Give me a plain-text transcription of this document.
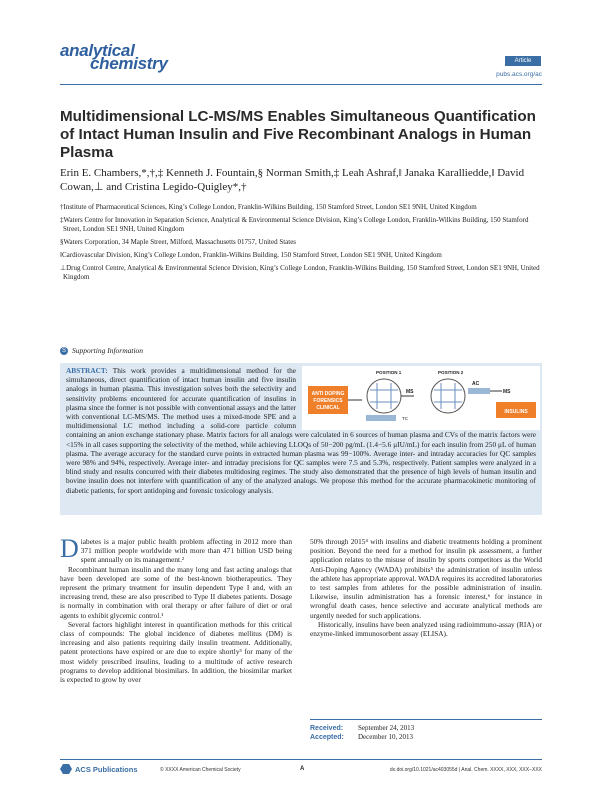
analytical
chemistry	Article
pubs.acs.org/ac
Multidimensional LC-MS/MS Enables Simultaneous Quantification of Intact Human Insulin and Five Recombinant Analogs in Human Plasma
Erin E. Chambers,*,†,‡ Kenneth J. Fountain,§ Norman Smith,‡ Leah Ashraf,‖ Janaka Karalliedde,‖ David Cowan,⊥ and Cristina Legido-Quigley*,†

†Institute of Pharmaceutical Sciences, King’s College London, Franklin-Wilkins Building, 150 Stamford Street, London SE1 9NH, United Kingdom

‡Waters Centre for Innovation in Separation Science, Analytical & Environmental Science Division, King’s College London, Franklin-Wilkins Building, 150 Stamford Street, London SE1 9NH, United Kingdom

§Waters Corporation, 34 Maple Street, Milford, Massachusetts 01757, United States

‖Cardiovascular Division, King’s College London, Franklin-Wilkins Building, 150 Stamford Street, London SE1 9NH, United Kingdom

⊥Drug Control Centre, Analytical & Environmental Science Division, King’s College London, Franklin-Wilkins Building, 150 Stamford Street, London SE1 9NH, United Kingdom

S Supporting Information
ABSTRACT: This work provides a multidimensional method for the simultaneous, direct quantification of intact human insulin and five insulin analogs in human plasma. This investigation solves both the selectivity and sensitivity problems encountered for accurate quantification of insulins in plasma since the former is not possible with conventional assays and the latter with conventional LC-MS/MS. The method uses a mixed-mode SPE and a multidimensional LC method including a solid-core particle column containing an anion exchange stationary phase. Matrix factors for all analogs were calculated in 6 sources of human plasma and CVs of the matrix factors were <15% in all cases supporting the selectivity of the method, while achieving LLOQs of 50−200 pg/mL (1.4−5.6 μIU/mL) for each insulin from 250 μL of human plasma. The average accuracy for the standard curve points in extracted human plasma was 99−100%. Average inter- and intraday accuracies for QC samples were 98% and 94%, respectively. Average inter- and intraday precisions for QC samples were 7.5 and 5.3%, respectively. Patient samples were analyzed in a blind study and results concurred with their diabetes multidosing regimes. The study also demonstrated that the presence of high levels of human insulin and bovine insulin does not interfere with quantification of any of the analyzed analogs. We propose this method for the accurate pharmacokinetic monitoring of diabetic patients, for sport antidoping and forensic toxicology analysis.
ANTI DOPING
FORENSICS
CLINICAL
POSITION 1
TC
MS
POSITION 2
AC
MS
INSULINS

Diabetes is a major public health problem affecting in 2012 more than 371 million people worldwide with more than 471 billion USD being spent annually on its management.²

Recombinant human insulin and the many long and fast acting analogs that have been developed are some of the best-known biotherapeutics. They represent the primary treatment for insulin dependent Type I and, with an increasing trend, these are also prescribed to Type II diabetes patients. Dosage is normally in combination with oral therapy or after failure of diet or oral agents to exhibit glycemic control.¹

Several factors highlight interest in quantification methods for this critical class of compounds: The global incidence of diabetes mellitus (DM) is increasing and also patients requiring daily insulin treatment. Additionally, patent protections have expired or are due to expire shortly³ for many of the most widely prescribed insulins, leading to a multitude of active research programs to develop additional biosimilars. In addition, the biosimilar market is expected to grow by over

50% through 2015⁴ with insulins and diabetic treatments holding a prominent position. Beyond the need for a method for insulin pk assessment, a further application relates to the misuse of insulin by sports competitors as the World Anti-Doping Agency (WADA) prohibits⁵ the administration of insulin unless the athlete has appropriate approval. WADA requires its accredited laboratories to test samples from athletes for the possible administration of insulin. Likewise, insulin administration has a forensic interest,⁶ for instance in wrongful death cases, hence selective and accurate analytical methods are urgently needed for such applications.

Historically, insulins have been analyzed using radioimmuno-assay (RIA) or enzyme-linked immunosorbent assay (ELISA).

Received: September 24, 2013
Accepted: December 10, 2013
ACS Publications	© XXXX American Chemical Society	A	dx.doi.org/10.1021/ac403055d | Anal. Chem. XXXX, XXX, XXX−XXX
